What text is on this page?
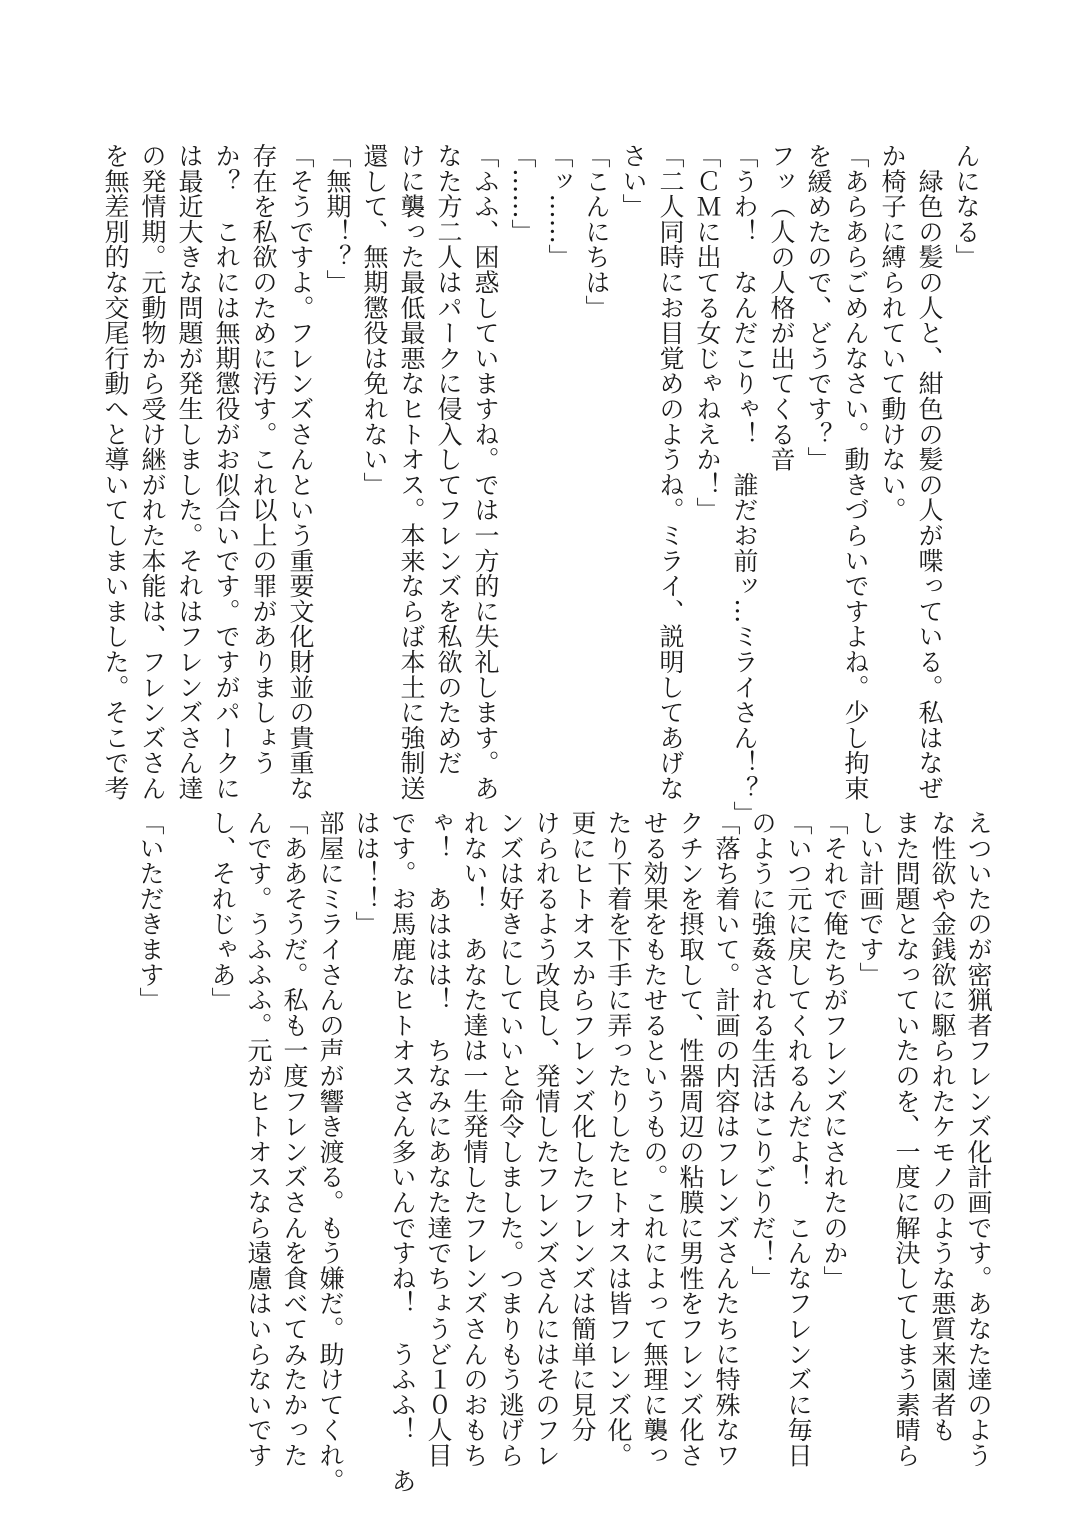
んになる」
　緑色の髪の人と、紺色の髪の人が喋っている。私はなぜ
か椅子に縛られていて動けない。
「あらあらごめんなさい。動きづらいですよね。少し拘束
を緩めたので、どうです？」
フッ（人の人格が出てくる音
「うわ！　なんだこりゃ！　誰だお前ッ…ミライさん！？」
「ＣＭに出てる女じゃねえか！」
「二人同時にお目覚めのようね。ミライ、説明してあげな
さい」
「こんにちは」
「ッ……」
「……」
「ふふ、困惑していますね。では一方的に失礼します。あ
なた方二人はパークに侵入してフレンズを私欲のためだ
けに襲った最低最悪なヒトオス。本来ならば本土に強制送
還して、無期懲役は免れない」
「無期！？」
「そうですよ。フレンズさんという重要文化財並の貴重な
存在を私欲のために汚す。これ以上の罪がありましょう
か？　これには無期懲役がお似合いです。ですがパークに
は最近大きな問題が発生しました。それはフレンズさん達
の発情期。元動物から受け継がれた本能は、フレンズさん
を無差別的な交尾行動へと導いてしまいました。そこで考
えついたのが密猟者フレンズ化計画です。あなた達のよう
な性欲や金銭欲に駆られたケモノのような悪質来園者も
また問題となっていたのを、一度に解決してしまう素晴ら
しい計画です」
「それで俺たちがフレンズにされたのか」
「いつ元に戻してくれるんだよ！　こんなフレンズに毎日
のように強姦される生活はこりごりだ！」
「落ち着いて。計画の内容はフレンズさんたちに特殊なワ
クチンを摂取して、性器周辺の粘膜に男性をフレンズ化さ
せる効果をもたせるというもの。これによって無理に襲っ
たり下着を下手に弄ったりしたヒトオスは皆フレンズ化。
更にヒトオスからフレンズ化したフレンズは簡単に見分
けられるよう改良し、発情したフレンズさんにはそのフレ
ンズは好きにしていいと命令しました。つまりもう逃げら
れない！　あなた達は一生発情したフレンズさんのおもち
ゃ！　あははは！　ちなみにあなた達でちょうど１０人目
です。お馬鹿なヒトオスさん多いんですね！　うふふ！　あ
はは！！」
部屋にミライさんの声が響き渡る。もう嫌だ。助けてくれ。
「ああそうだ。私も一度フレンズさんを食べてみたかった
んです。うふふふ。元がヒトオスなら遠慮はいらないです
し、それじゃあ」
「いただきます」
